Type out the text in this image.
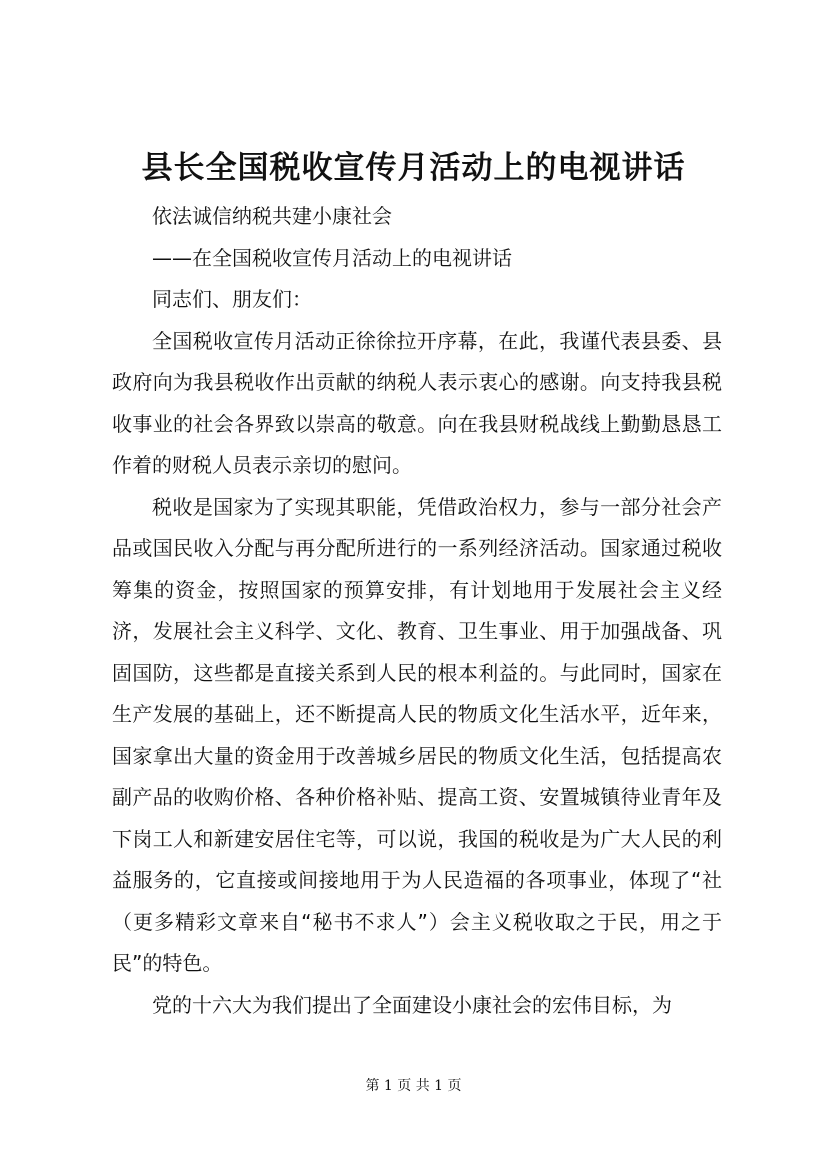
县长全国税收宣传月活动上的电视讲话

依法诚信纳税共建小康社会

——在全国税收宣传月活动上的电视讲话

同志们、朋友们：

全国税收宣传月活动正徐徐拉开序幕，在此，我谨代表县委、县政府向为我县税收作出贡献的纳税人表示衷心的感谢。向支持我县税收事业的社会各界致以崇高的敬意。向在我县财税战线上勤勤恳恳工作着的财税人员表示亲切的慰问。

税收是国家为了实现其职能，凭借政治权力，参与一部分社会产品或国民收入分配与再分配所进行的一系列经济活动。国家通过税收筹集的资金，按照国家的预算安排，有计划地用于发展社会主义经济，发展社会主义科学、文化、教育、卫生事业、用于加强战备、巩固国防，这些都是直接关系到人民的根本利益的。与此同时，国家在生产发展的基础上，还不断提高人民的物质文化生活水平，近年来，国家拿出大量的资金用于改善城乡居民的物质文化生活，包括提高农副产品的收购价格、各种价格补贴、提高工资、安置城镇待业青年及下岗工人和新建安居住宅等，可以说，我国的税收是为广大人民的利益服务的，它直接或间接地用于为人民造福的各项事业，体现了“社（更多精彩文章来自“秘书不求人”）会主义税收取之于民，用之于民”的特色。

党的十六大为我们提出了全面建设小康社会的宏伟目标，为

第 1 页 共 1 页
